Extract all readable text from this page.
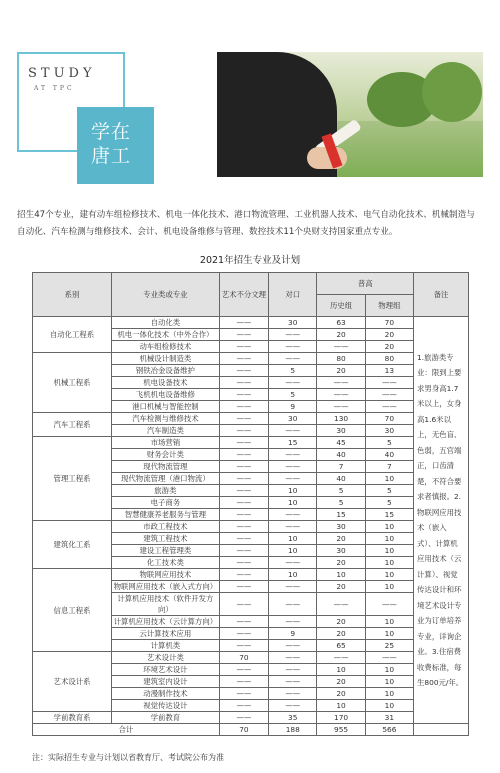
STUDY
AT TPC
学在
唐工
招生47个专业，建有动车组检修技术、机电一体化技术、港口物流管理、工业机器人技术、电气自动化技术、机械制造与自动化、汽车检测与维修技术、会计、机电设备维修与管理、数控技术11个央财支持国家重点专业。
2021年招生专业及计划
系别	专业类或专业	艺术不分文理	对口	普高		备注
				历史组	物理组	
自动化工程系	自动化类	——	30	63	70	1.旅游类专业：限到上要求男身高1.7米以上，女身高1.6米以上，无色盲、色弱，五官端正，口齿清楚，不符合要求者慎报。2.物联网应用技术（嵌入式）、计算机应用技术（云计算）、视觉传达设计和环境艺术设计专业为订单培养专业，详询企业。3.住宿费收费标准，每生800元/年。
	机电一体化技术（中外合作）	——	——	20	20	
	动车组检修技术	——	——	——	20	
机械工程系	机械设计制造类	——	——	80	80	
	钢铁冶金设备维护	——	5	20	13	
	机电设备技术	——	——	——	——	
	飞机机电设备维修	——	5	——	——	
	港口机械与智能控制	——	9	——	——	
汽车工程系	汽车检测与维修技术	——	30	130	70	
	汽车制造类	——	——	30	30	
管理工程系	市场营销	——	15	45	5	
	财务会计类	——	——	40	40	
	现代物流管理	——	——	7	7	
	现代物流管理（港口物流）	——	——	40	10	
	旅游类	——	10	5	5	
	电子商务	——	10	5	5	
	智慧健康养老服务与管理	——	——	15	15	
建筑化工系	市政工程技术	——	——	30	10	
	建筑工程技术	——	10	20	10	
	建设工程管理类	——	10	30	10	
	化工技术类	——	——	20	10	
信息工程系	物联网应用技术	——	10	10	10	
	物联网应用技术（嵌入式方向）	——	——	20	10	
	计算机应用技术（软件开发方向）	——	——	——	——	
	计算机应用技术（云计算方向）	——	——	20	10	
	云计算技术应用	——	9	20	10	
	计算机类	——	——	65	25	
艺术设计系	艺术设计类	70	——	——	——	
	环境艺术设计	——	——	10	10	
	建筑室内设计	——	——	20	10	
	动漫制作技术	——	——	20	10	
	视觉传达设计	——	——	10	10	
学前教育系	学前教育	——	35	170	31	
合计		70	188	955	566	
注：实际招生专业与计划以省教育厅、考试院公布为准
